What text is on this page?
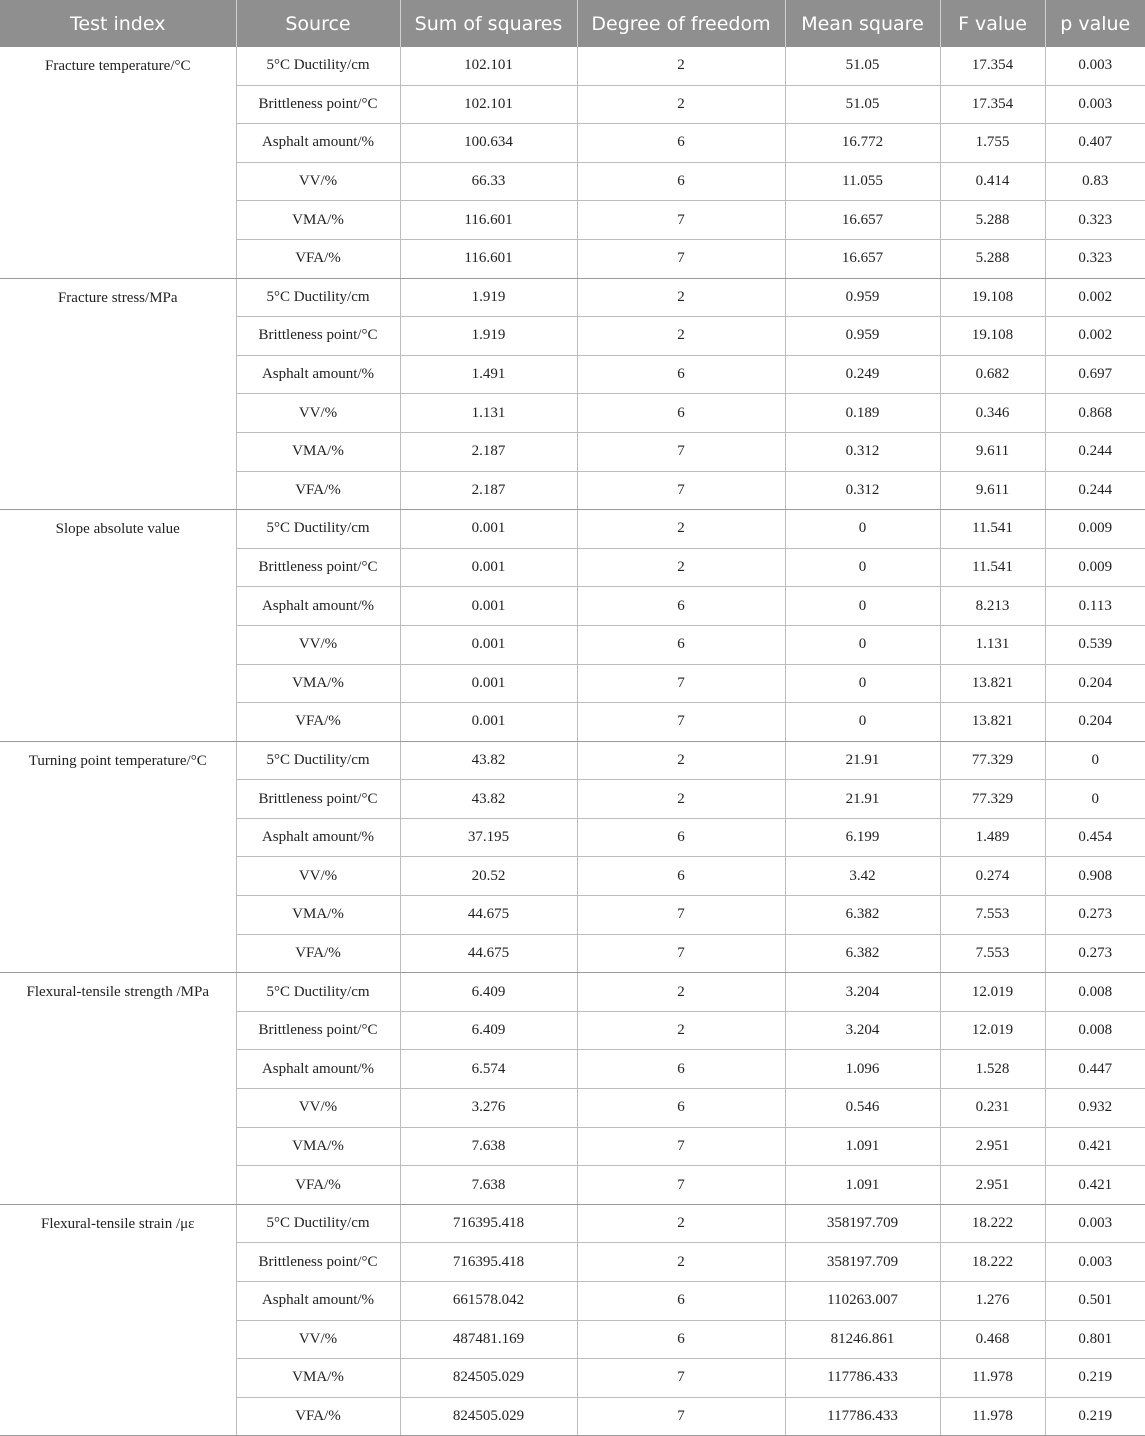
Test index	Source	Sum of squares	Degree of freedom	Mean square	F value	p value
Fracture temperature/°C	5°C Ductility/cm	102.101	2	51.05	17.354	0.003
	Brittleness point/°C	102.101	2	51.05	17.354	0.003
	Asphalt amount/%	100.634	6	16.772	1.755	0.407
	VV/%	66.33	6	11.055	0.414	0.83
	VMA/%	116.601	7	16.657	5.288	0.323
	VFA/%	116.601	7	16.657	5.288	0.323
Fracture stress/MPa	5°C Ductility/cm	1.919	2	0.959	19.108	0.002
	Brittleness point/°C	1.919	2	0.959	19.108	0.002
	Asphalt amount/%	1.491	6	0.249	0.682	0.697
	VV/%	1.131	6	0.189	0.346	0.868
	VMA/%	2.187	7	0.312	9.611	0.244
	VFA/%	2.187	7	0.312	9.611	0.244
Slope absolute value	5°C Ductility/cm	0.001	2	0	11.541	0.009
	Brittleness point/°C	0.001	2	0	11.541	0.009
	Asphalt amount/%	0.001	6	0	8.213	0.113
	VV/%	0.001	6	0	1.131	0.539
	VMA/%	0.001	7	0	13.821	0.204
	VFA/%	0.001	7	0	13.821	0.204
Turning point temperature/°C	5°C Ductility/cm	43.82	2	21.91	77.329	0
	Brittleness point/°C	43.82	2	21.91	77.329	0
	Asphalt amount/%	37.195	6	6.199	1.489	0.454
	VV/%	20.52	6	3.42	0.274	0.908
	VMA/%	44.675	7	6.382	7.553	0.273
	VFA/%	44.675	7	6.382	7.553	0.273
Flexural-tensile strength /MPa	5°C Ductility/cm	6.409	2	3.204	12.019	0.008
	Brittleness point/°C	6.409	2	3.204	12.019	0.008
	Asphalt amount/%	6.574	6	1.096	1.528	0.447
	VV/%	3.276	6	0.546	0.231	0.932
	VMA/%	7.638	7	1.091	2.951	0.421
	VFA/%	7.638	7	1.091	2.951	0.421
Flexural-tensile strain /με	5°C Ductility/cm	716395.418	2	358197.709	18.222	0.003
	Brittleness point/°C	716395.418	2	358197.709	18.222	0.003
	Asphalt amount/%	661578.042	6	110263.007	1.276	0.501
	VV/%	487481.169	6	81246.861	0.468	0.801
	VMA/%	824505.029	7	117786.433	11.978	0.219
	VFA/%	824505.029	7	117786.433	11.978	0.219
